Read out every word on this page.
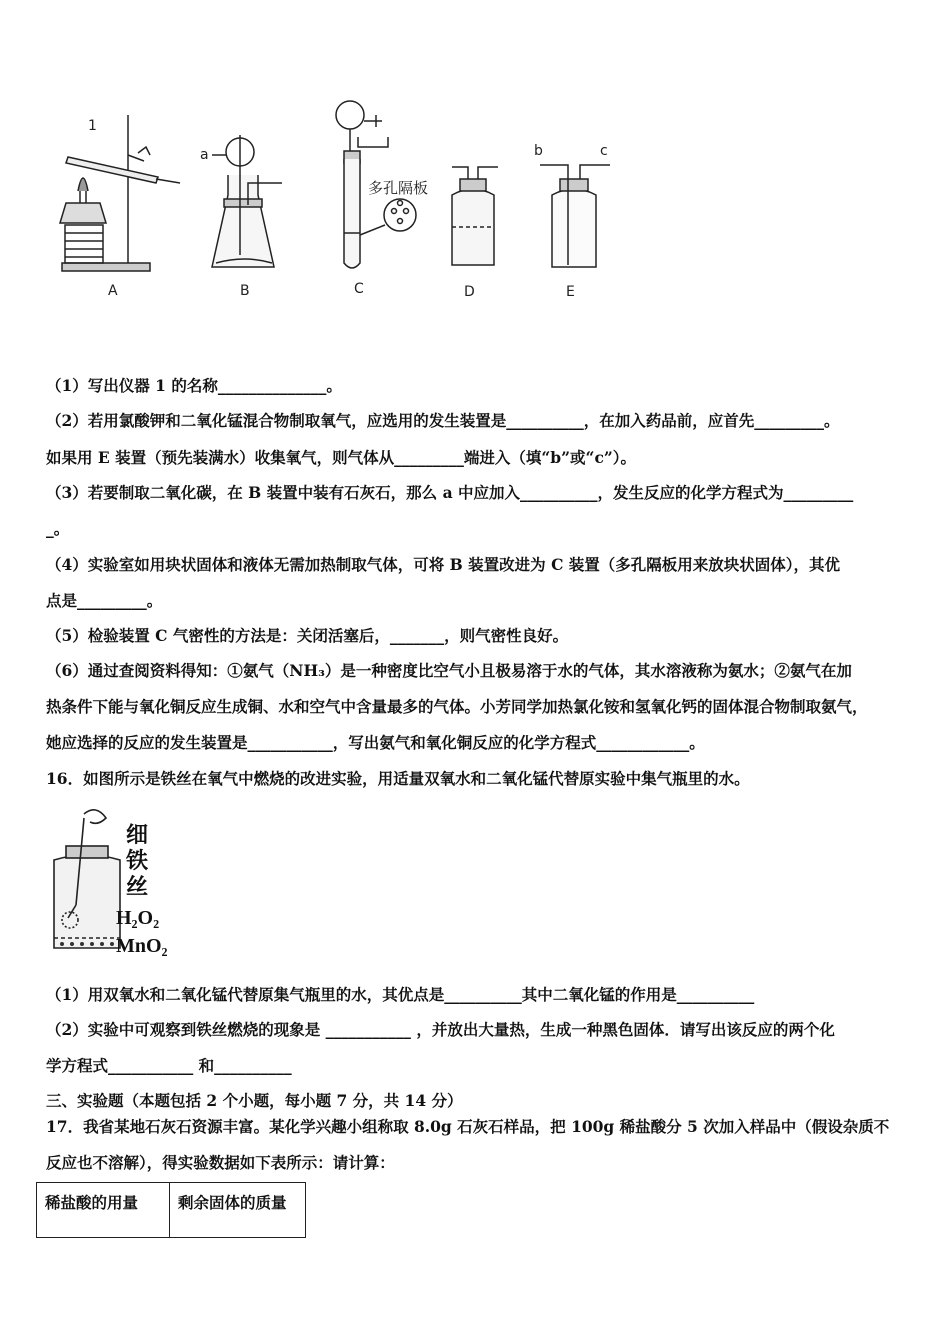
1
a
多孔隔板
b	c
A	B	C	D	E
（1）写出仪器 1 的名称______________。
（2）若用氯酸钾和二氧化锰混合物制取氧气，应选用的发生装置是__________，在加入药品前，应首先_________。
如果用 E 装置（预先装满水）收集氧气，则气体从_________端进入（填“b”或“c”）。
（3）若要制取二氧化碳，在 B 装置中装有石灰石，那么 a 中应加入__________，发生反应的化学方程式为_________
_。
（4）实验室如用块状固体和液体无需加热制取气体，可将 B 装置改进为 C 装置（多孔隔板用来放块状固体），其优
点是_________。
（5）检验装置 C 气密性的方法是：关闭活塞后，_______，则气密性良好。
（6）通过查阅资料得知：①氨气（NH₃）是一种密度比空气小且极易溶于水的气体，其水溶液称为氨水；②氨气在加
热条件下能与氧化铜反应生成铜、水和空气中含量最多的气体。小芳同学加热氯化铵和氢氧化钙的固体混合物制取氨气，
她应选择的反应的发生装置是___________，写出氨气和氧化铜反应的化学方程式____________。
16．如图所示是铁丝在氧气中燃烧的改进实验，用适量双氧水和二氧化锰代替原实验中集气瓶里的水。
细
铁
丝
H₂O₂
MnO₂
（1）用双氧水和二氧化锰代替原集气瓶里的水，其优点是__________其中二氧化锰的作用是__________
（2）实验中可观察到铁丝燃烧的现象是 ___________ ，并放出大量热，生成一种黑色固体．请写出该反应的两个化
学方程式___________ 和__________
三、实验题（本题包括 2 个小题，每小题 7 分，共 14 分）
17．我省某地石灰石资源丰富。某化学兴趣小组称取 8.0g 石灰石样品，把 100g 稀盐酸分 5 次加入样品中（假设杂质不
反应也不溶解），得实验数据如下表所示：请计算：
稀盐酸的用量	剩余固体的质量
